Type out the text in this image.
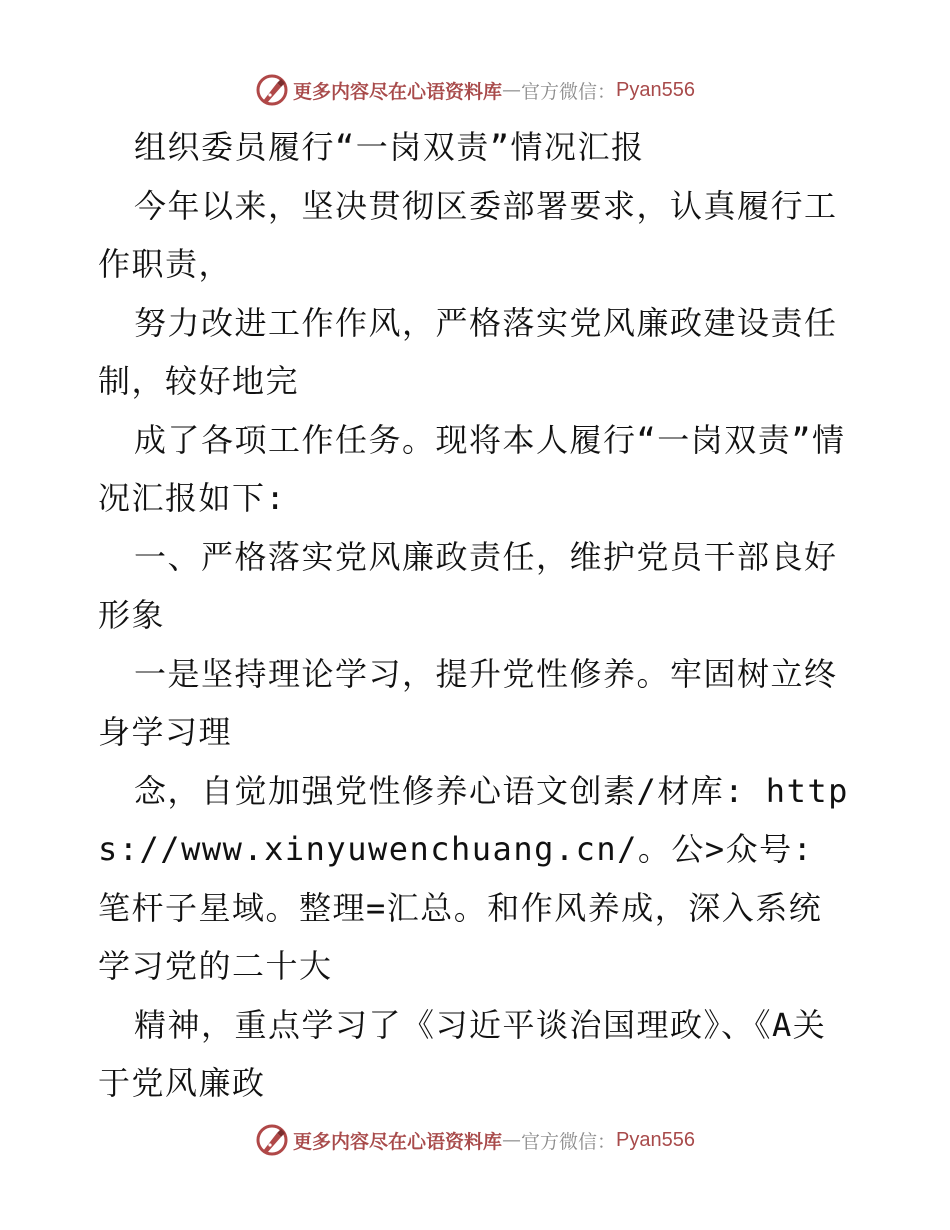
更多内容尽在心语资料库 — 官方微信： Pyan556

组织委员履行“一岗双责”情况汇报

今年以来，坚决贯彻区委部署要求，认真履行工作职责，

努力改进工作作风，严格落实党风廉政建设责任制，较好地完

成了各项工作任务。现将本人履行“一岗双责”情况汇报如下:

一、严格落实党风廉政责任，维护党员干部良好形象

一是坚持理论学习，提升党性修养。牢固树立终身学习理

念，自觉加强党性修养心语文创素/材库: https://www.xinyuwenchuang.cn/。公>众号: 笔杆子星域。整理=汇总。和作风养成，深入系统学习党的二十大

精神，重点学习了《习近平谈治国理政》、《A关于党风廉政

更多内容尽在心语资料库 — 官方微信： Pyan556
